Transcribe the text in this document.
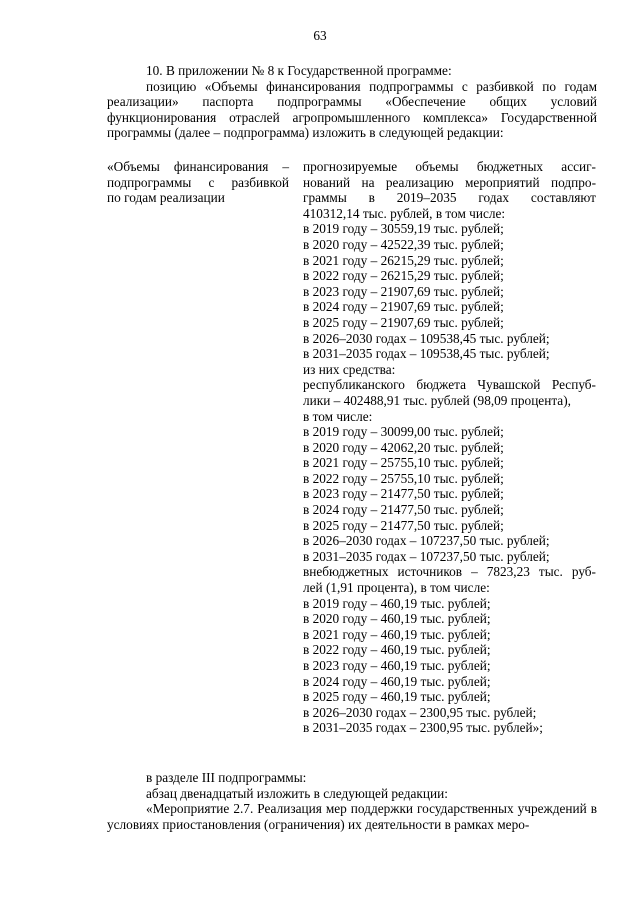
63

10. В приложении № 8 к Государственной программе:

позицию «Объемы финансирования подпрограммы с разбивкой по годам реализации» паспорта подпрограммы «Обеспечение общих условий функционирования отраслей агропромышленного комплекса» Государственной программы (далее – подпрограмма) изложить в следующей редакции:

«Объемы финансирования –
подпрограммы с разбивкой
по годам реализации
прогнозируемые объемы бюджетных ассиг-
нований на реализацию мероприятий подпро-
граммы в 2019–2035 годах составляют
410312,14 тыс. рублей, в том числе:
в 2019 году – 30559,19 тыс. рублей;
в 2020 году – 42522,39 тыс. рублей;
в 2021 году – 26215,29 тыс. рублей;
в 2022 году – 26215,29 тыс. рублей;
в 2023 году – 21907,69 тыс. рублей;
в 2024 году – 21907,69 тыс. рублей;
в 2025 году – 21907,69 тыс. рублей;
в 2026–2030 годах – 109538,45 тыс. рублей;
в 2031–2035 годах – 109538,45 тыс. рублей;
из них средства:
республиканского бюджета Чувашской Респуб-
лики – 402488,91 тыс. рублей (98,09 процента),
в том числе:
в 2019 году – 30099,00 тыс. рублей;
в 2020 году – 42062,20 тыс. рублей;
в 2021 году – 25755,10 тыс. рублей;
в 2022 году – 25755,10 тыс. рублей;
в 2023 году – 21477,50 тыс. рублей;
в 2024 году – 21477,50 тыс. рублей;
в 2025 году – 21477,50 тыс. рублей;
в 2026–2030 годах – 107237,50 тыс. рублей;
в 2031–2035 годах – 107237,50 тыс. рублей;
внебюджетных источников – 7823,23 тыс. руб-
лей (1,91 процента), в том числе:
в 2019 году – 460,19 тыс. рублей;
в 2020 году – 460,19 тыс. рублей;
в 2021 году – 460,19 тыс. рублей;
в 2022 году – 460,19 тыс. рублей;
в 2023 году – 460,19 тыс. рублей;
в 2024 году – 460,19 тыс. рублей;
в 2025 году – 460,19 тыс. рублей;
в 2026–2030 годах – 2300,95 тыс. рублей;
в 2031–2035 годах – 2300,95 тыс. рублей»;

в разделе III подпрограммы:

абзац двенадцатый изложить в следующей редакции:

«Мероприятие 2.7. Реализация мер поддержки государственных учреждений в условиях приостановления (ограничения) их деятельности в рамках меро-
